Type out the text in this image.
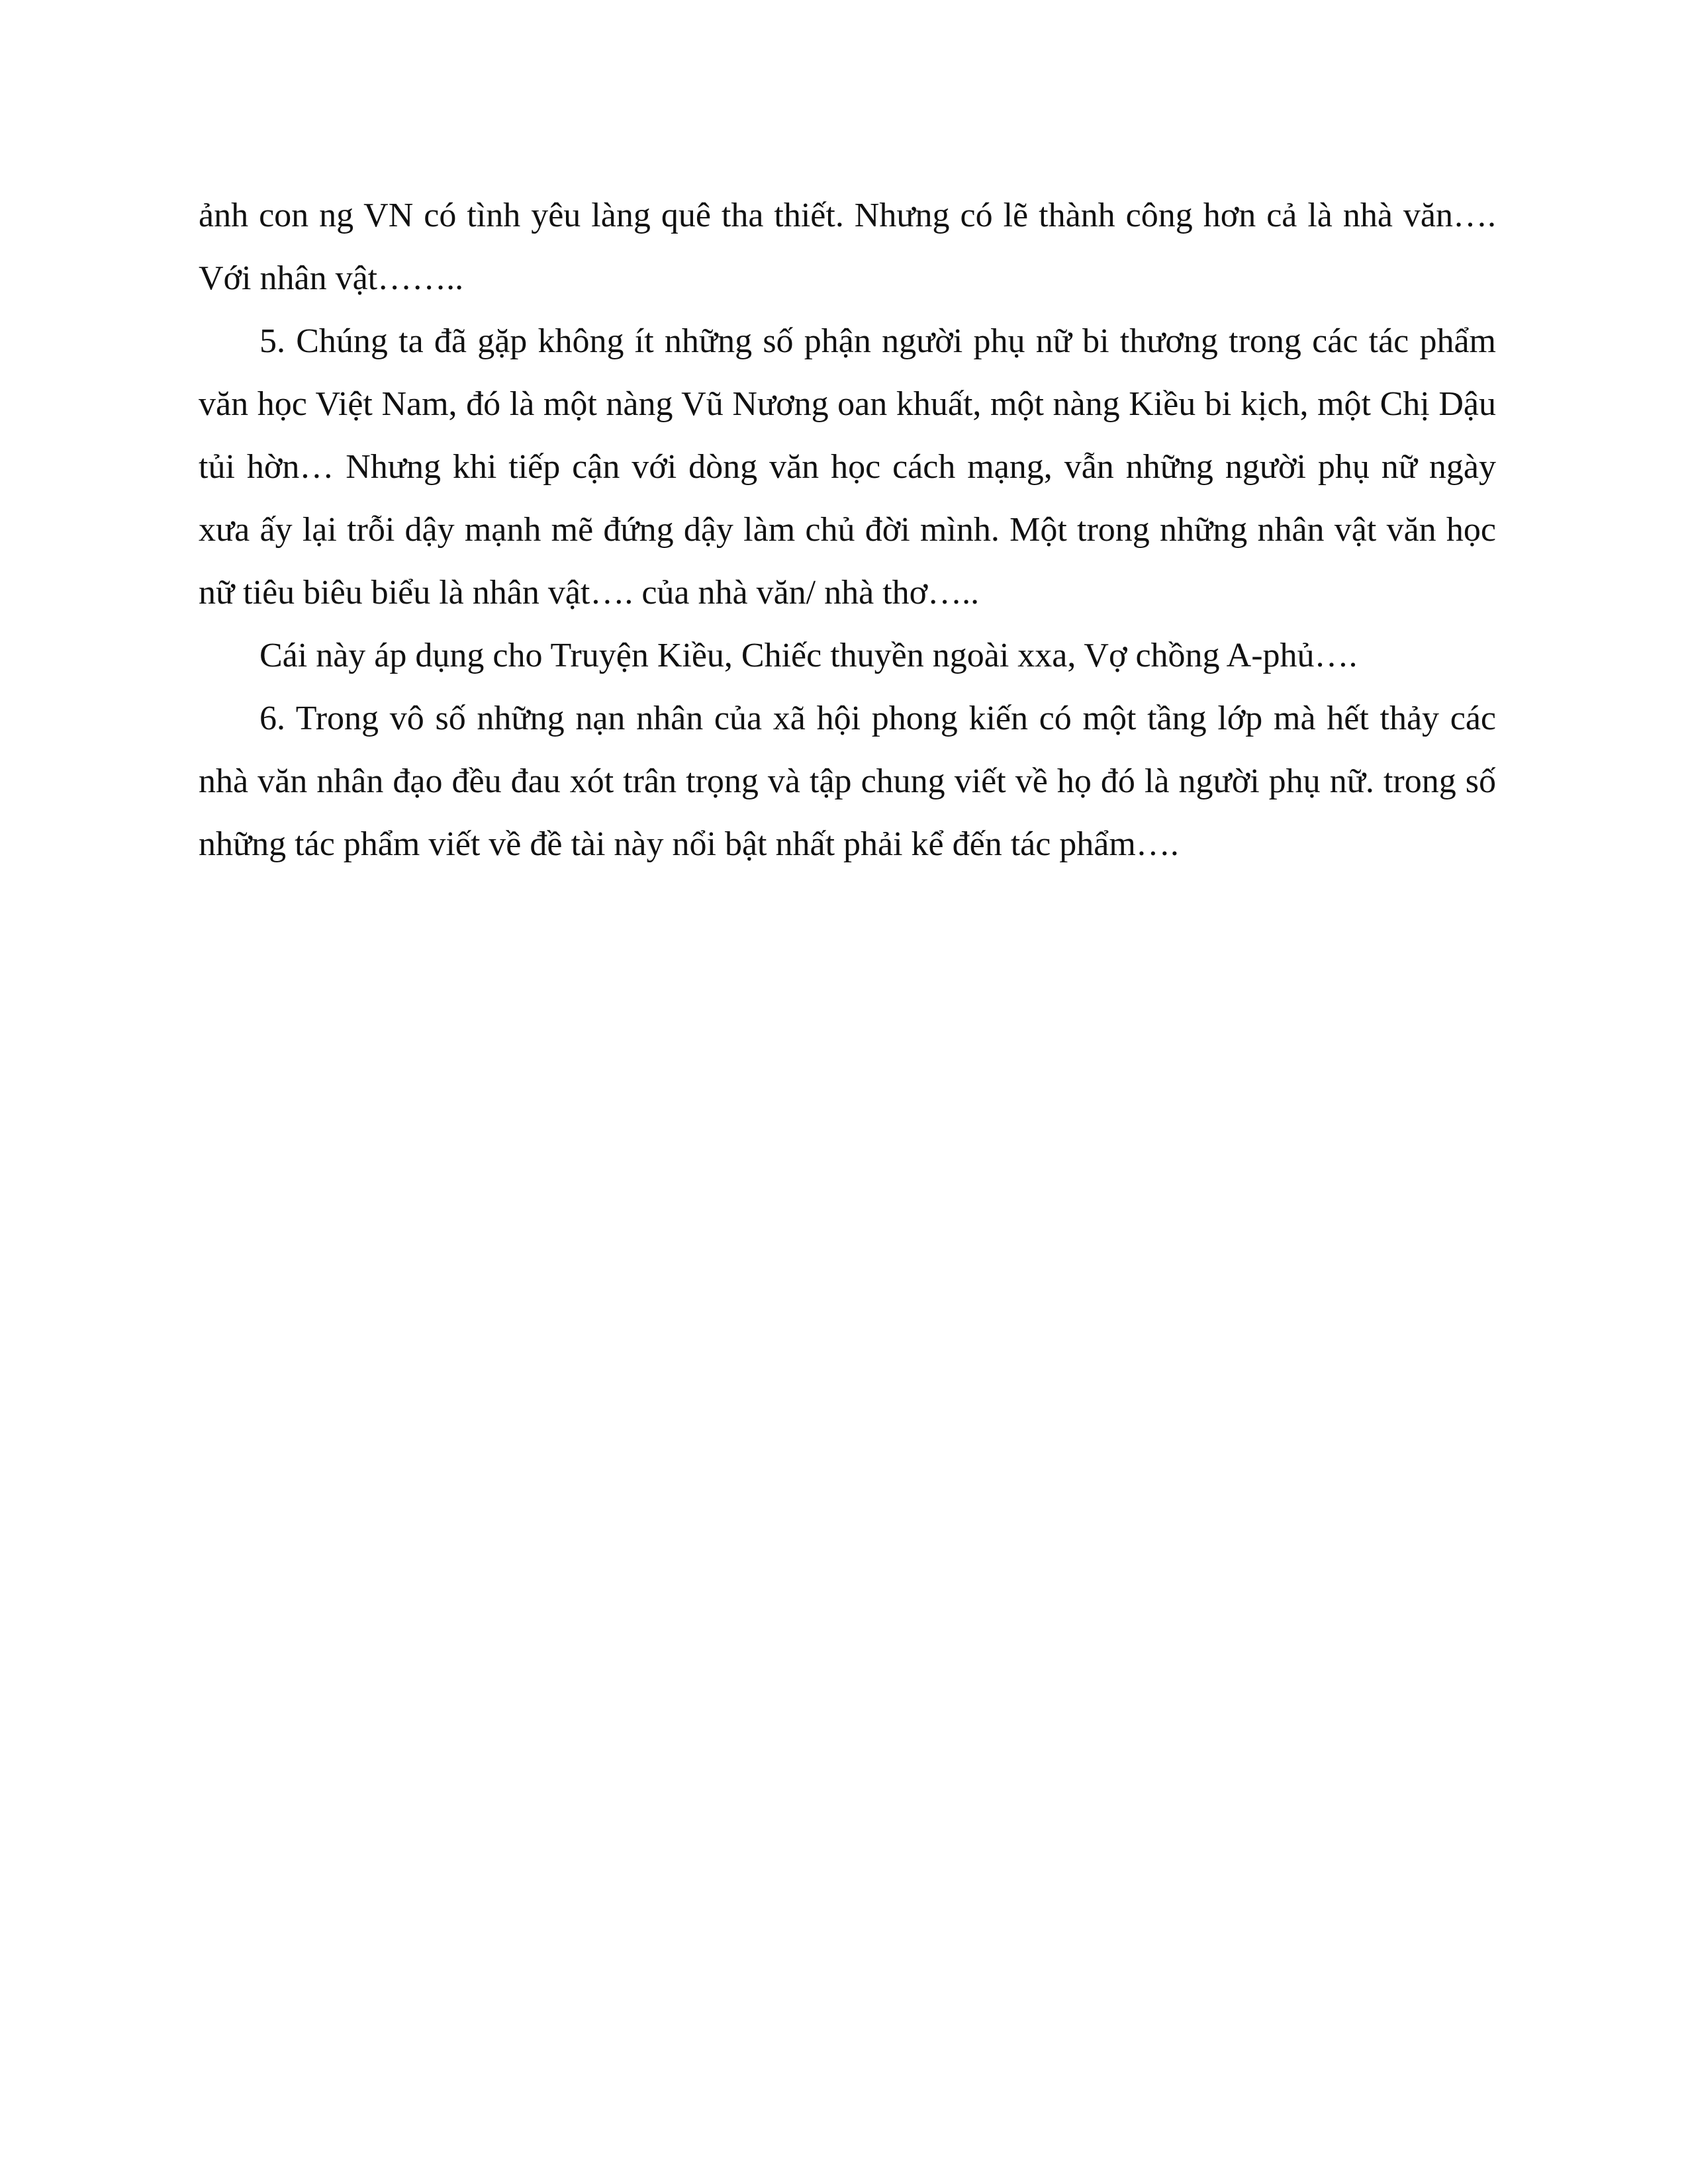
ảnh con ng VN có tình yêu làng quê tha thiết. Nhưng có lẽ thành công hơn cả là nhà văn…. Với nhân vật……..

5. Chúng ta đã gặp không ít những số phận người phụ nữ bi thương trong các tác phẩm văn học Việt Nam, đó là một nàng Vũ Nương oan khuất, một nàng Kiều bi kịch, một Chị Dậu tủi hờn… Nhưng khi tiếp cận với dòng văn học cách mạng, vẫn những người phụ nữ ngày xưa ấy lại trỗi dậy mạnh mẽ đứng dậy làm chủ đời mình. Một trong những nhân vật văn học nữ tiêu biêu biểu là nhân vật…. của nhà văn/ nhà thơ…..

Cái này áp dụng cho Truyện Kiều, Chiếc thuyền ngoài xxa, Vợ chồng A-phủ….

6. Trong vô số những nạn nhân của xã hội phong kiến có một tầng lớp mà hết thảy các nhà văn nhân đạo đều đau xót trân trọng và tập chung viết về họ đó là người phụ nữ. trong số những tác phẩm viết về đề tài này nổi bật nhất phải kể đến tác phẩm….
